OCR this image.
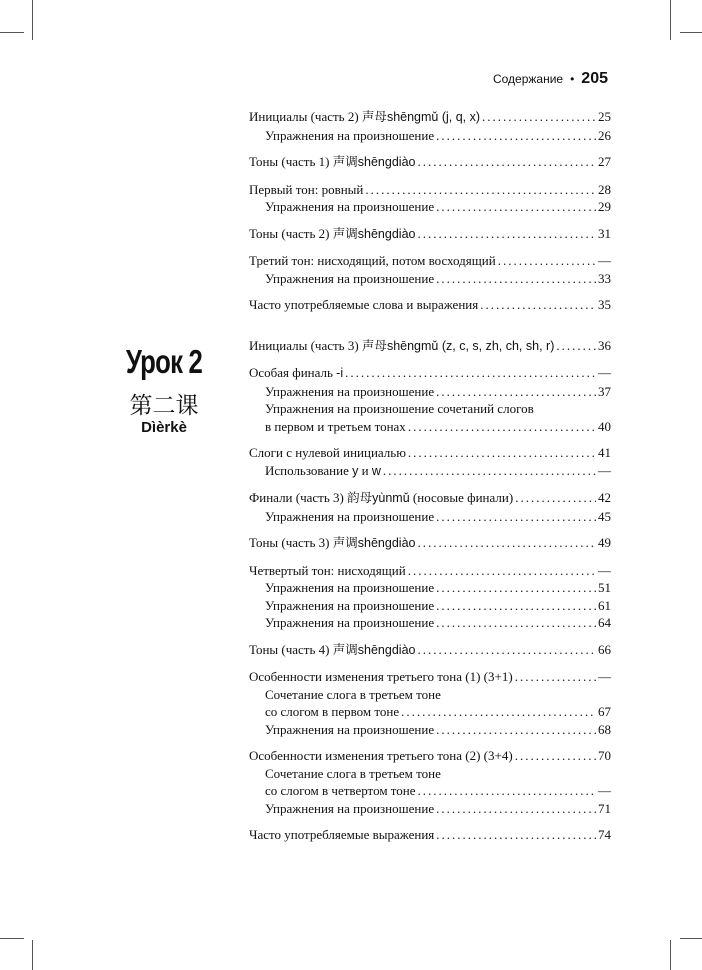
Содержание • 205
Урок 2
第二课
Dìèrkè
Инициалы (часть 2) 声母shēngmǔ (j, q, x) .....	25
Упражнения на произношение .....	26
Тоны (часть 1) 声调shēngdiào .....	27
Первый тон: ровный .....	28
Упражнения на произношение .....	29
Тоны (часть 2) 声调shēngdiào .....	31
Третий тон: нисходящий, потом восходящий .....	—
Упражнения на произношение .....	33
Часто употребляемые слова и выражения .....	35
Инициалы (часть 3) 声母shēngmǔ (z, c, s, zh, ch, sh, r) .....	36
Особая финаль -i .....	—
Упражнения на произношение .....	37
Упражнения на произношение сочетаний слогов
в первом и третьем тонах .....	40
Слоги с нулевой инициалью .....	41
Использование y и w .....	—
Финали (часть 3) 韵母yùnmǔ (носовые финали) .....	42
Упражнения на произношение .....	45
Тоны (часть 3) 声调shēngdiào .....	49
Четвертый тон: нисходящий .....	—
Упражнения на произношение .....	51
Упражнения на произношение .....	61
Упражнения на произношение .....	64
Тоны (часть 4) 声调shēngdiào .....	66
Особенности изменения третьего тона (1) (3+1) .....	—
Сочетание слога в третьем тоне
со слогом в первом тоне .....	67
Упражнения на произношение .....	68
Особенности изменения третьего тона (2) (3+4) .....	70
Сочетание слога в третьем тоне
со слогом в четвертом тоне .....	—
Упражнения на произношение .....	71
Часто употребляемые выражения .....	74
